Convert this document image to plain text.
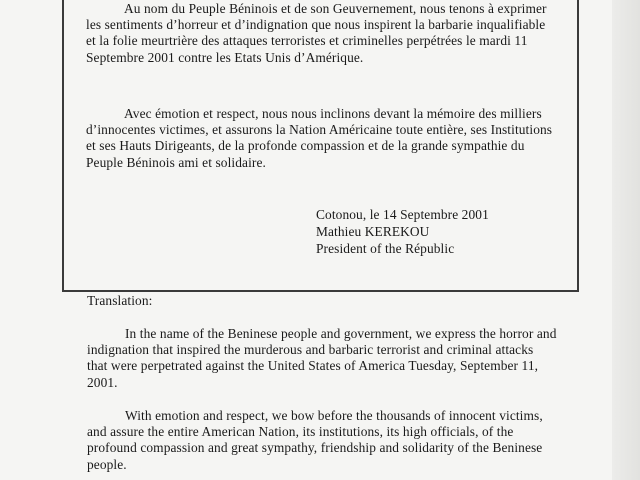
Au nom du Peuple Béninois et de son Geuvernement, nous tenons à exprimer les sentiments d’horreur et d’indignation que nous inspirent la barbarie inqualifiable et la folie meurtrière des attaques terroristes et criminelles perpétrées le mardi 11 Septembre 2001 contre les Etats Unis d’Amérique.

Avec émotion et respect, nous nous inclinons devant la mémoire des milliers d’innocentes victimes, et assurons la Nation Américaine toute entière, ses Institutions et ses Hauts Dirigeants, de la profonde compassion et de la grande sympathie du Peuple Béninois ami et solidaire.

Cotonou, le 14 Septembre 2001
Mathieu KEREKOU
President of the Républic

Translation:

In the name of the Beninese people and government, we express the horror and indignation that inspired the murderous and barbaric terrorist and criminal attacks that were perpetrated against the United States of America Tuesday, September 11, 2001.

With emotion and respect, we bow before the thousands of innocent victims, and assure the entire American Nation, its institutions, its high officials, of the profound compassion and great sympathy, friendship and solidarity of the Beninese people.
